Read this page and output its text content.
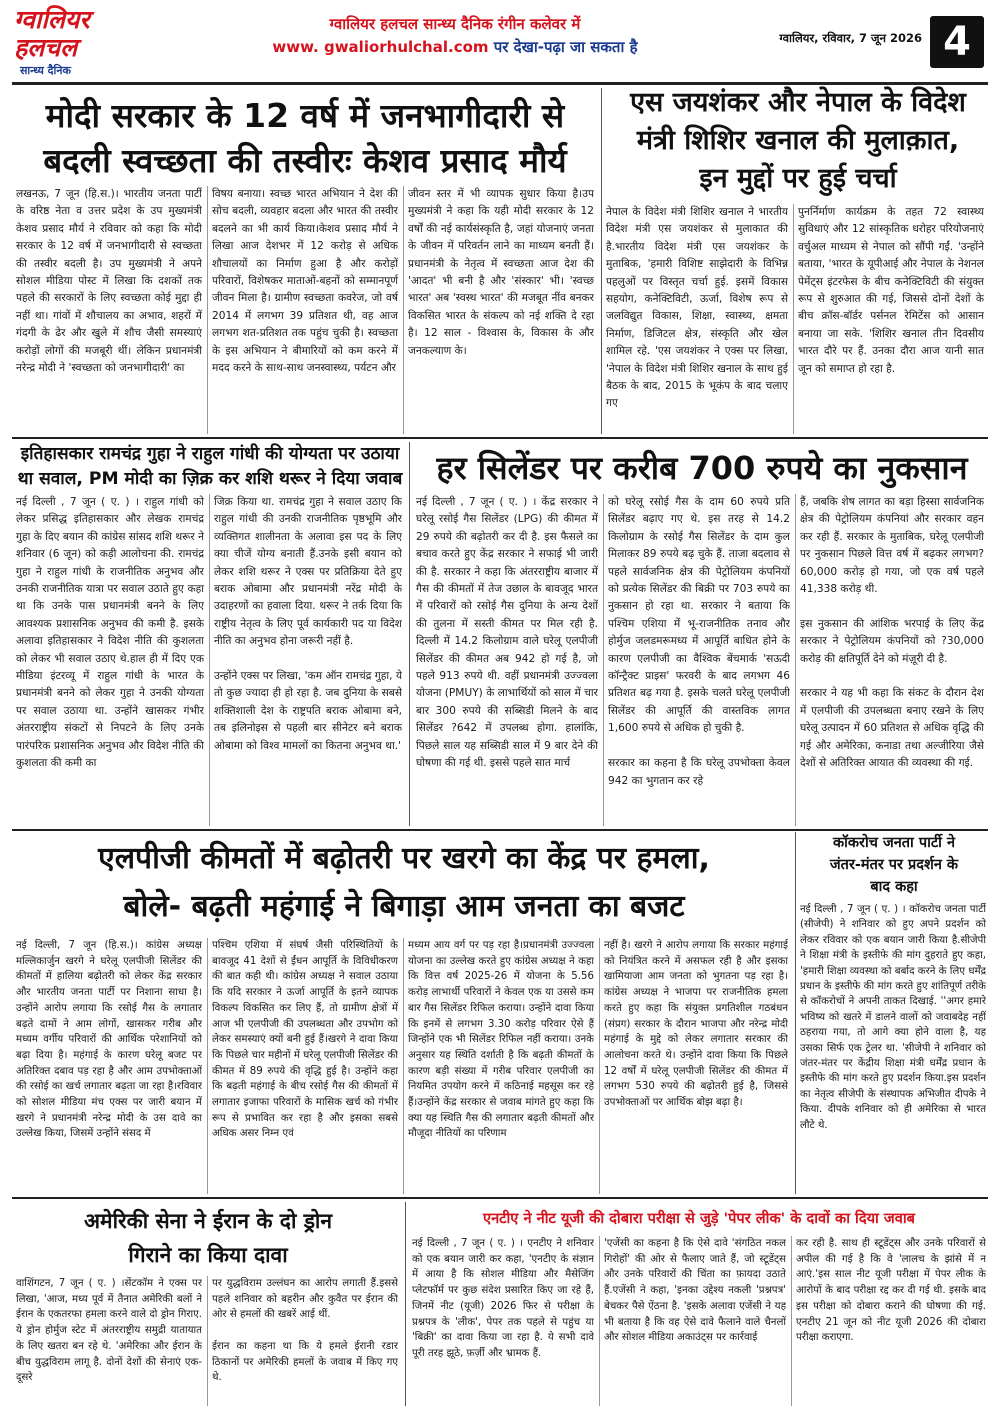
ग्वालियर
हलचल
सान्ध्य दैनिक
ग्वालियर हलचल सान्ध्य दैनिक रंगीन कलेवर में
www. gwaliorhulchal.com पर देखा-पढ़ा जा सकता है	ग्वालियर, रविवार, 7 जून 2026 4
मोदी सरकार के 12 वर्ष में जनभागीदारी से
बदली स्वच्छता की तस्वीरः केशव प्रसाद मौर्य
लखनऊ, 7 जून (हि.स.)। भारतीय जनता पार्टी के वरिष्ठ नेता व उत्तर प्रदेश के उप मुख्यमंत्री केशव प्रसाद मौर्य ने रविवार को कहा कि मोदी सरकार के 12 वर्ष में जनभागीदारी से स्वच्छता की तस्वीर बदली है। उप मुख्यमंत्री ने अपने सोशल मीडिया पोस्ट में लिखा कि दशकों तक पहले की सरकारों के लिए स्वच्छता कोई मुद्दा ही नहीं था। गांवों में शौचालय का अभाव, शहरों में गंदगी के ढेर और खुले में शौच जैसी समस्याएं करोड़ों लोगों की मजबूरी थीं। लेकिन प्रधानमंत्री नरेन्द्र मोदी ने 'स्वच्छता को जनभागीदारी' का
विषय बनाया। स्वच्छ भारत अभियान ने देश की सोच बदली, व्यवहार बदला और भारत की तस्वीर बदलने का भी कार्य किया।केशव प्रसाद मौर्य ने लिखा आज देशभर में 12 करोड़ से अधिक शौचालयों का निर्माण हुआ है और करोड़ों परिवारों, विशेषकर माताओं-बहनों को सम्मानपूर्ण जीवन मिला है। ग्रामीण स्वच्छता कवरेज, जो वर्ष 2014 में लगभग 39 प्रतिशत थी, वह आज लगभग शत-प्रतिशत तक पहुंच चुकी है। स्वच्छता के इस अभियान ने बीमारियों को कम करने में मदद करने के साथ-साथ जनस्वास्थ्य, पर्यटन और
जीवन स्तर में भी व्यापक सुधार किया है।उप मुख्यमंत्री ने कहा कि यही मोदी सरकार के 12 वर्षों की नई कार्यसंस्कृति है, जहां योजनाएं जनता के जीवन में परिवर्तन लाने का माध्यम बनती हैं। प्रधानमंत्री के नेतृत्व में स्वच्छता आज देश की 'आदत' भी बनी है और 'संस्कार' भी। 'स्वच्छ भारत' अब 'स्वस्थ भारत' की मजबूत नींव बनकर विकसित भारत के संकल्प को नई शक्ति दे रहा है। 12 साल - विश्वास के, विकास के और जनकल्याण के।
एस जयशंकर और नेपाल के विदेश
मंत्री शिशिर खनाल की मुलाक़ात,
इन मुद्दों पर हुई चर्चा
नेपाल के विदेश मंत्री शिशिर खनाल ने भारतीय विदेश मंत्री एस जयशंकर से मुलाकात की है.भारतीय विदेश मंत्री एस जयशंकर के मुताबिक, 'हमारी विशिष्ट साझेदारी के विभिन्न पहलुओं पर विस्तृत चर्चा हुई. इसमें विकास सहयोग, कनेक्टिविटी, ऊर्जा, विशेष रूप से जलविद्युत विकास, शिक्षा, स्वास्थ्य, क्षमता निर्माण, डिजिटल क्षेत्र, संस्कृति और खेल शामिल रहे. 'एस जयशंकर ने एक्स पर लिखा, 'नेपाल के विदेश मंत्री शिशिर खनाल के साथ हुई बैठक के बाद, 2015 के भूकंप के बाद चलाए गए
पुनर्निर्माण कार्यक्रम के तहत 72 स्वास्थ्य सुविधाएं और 12 सांस्कृतिक धरोहर परियोजनाएं वर्चुअल माध्यम से नेपाल को सौंपी गईं. 'उन्होंने बताया, 'भारत के यूपीआई और नेपाल के नेशनल पेमेंट्स इंटरफेस के बीच कनेक्टिविटी की संयुक्त रूप से शुरुआत की गई, जिससे दोनों देशों के बीच क्रॉस-बॉर्डर पर्सनल रेमिटेंस को आसान बनाया जा सके. 'शिशिर खनाल तीन दिवसीय भारत दौरे पर हैं. उनका दौरा आज यानी सात जून को समाप्त हो रहा है.
इतिहासकार रामचंद्र गुहा ने राहुल गांधी की योग्यता पर उठाया
था सवाल, PM मोदी का ज़िक्र कर शशि थरूर ने दिया जवाब
नई दिल्ली , 7 जून ( ए. ) । राहुल गांधी को लेकर प्रसिद्ध इतिहासकार और लेखक रामचंद्र गुहा के दिए बयान की कांग्रेस सांसद शशि थरूर ने शनिवार (6 जून) को कड़ी आलोचना की. रामचंद्र गुहा ने राहुल गांधी के राजनीतिक अनुभव और उनकी राजनीतिक यात्रा पर सवाल उठाते हुए कहा था कि उनके पास प्रधानमंत्री बनने के लिए आवश्यक प्रशासनिक अनुभव की कमी है. इसके अलावा इतिहासकार ने विदेश नीति की कुशलता को लेकर भी सवाल उठाए थे.हाल ही में दिए एक मीडिया इंटरव्यू में राहुल गांधी के भारत के प्रधानमंत्री बनने को लेकर गुहा ने उनकी योग्यता पर सवाल उठाया था. उन्होंने खासकर गंभीर अंतरराष्ट्रीय संकटों से निपटने के लिए उनके पारंपरिक प्रशासनिक अनुभव और विदेश नीति की कुशलता की कमी का
जिक्र किया था. रामचंद्र गुहा ने सवाल उठाए कि राहुल गांधी की उनकी राजनीतिक पृष्ठभूमि और व्यक्तिगत शालीनता के अलावा इस पद के लिए क्या चीजें योग्य बनाती हैं.उनके इसी बयान को लेकर शशि थरूर ने एक्स पर प्रतिक्रिया देते हुए बराक ओबामा और प्रधानमंत्री नरेंद्र मोदी के उदाहरणों का हवाला दिया. थरूर ने तर्क दिया कि राष्ट्रीय नेतृत्व के लिए पूर्व कार्यकारी पद या विदेश नीति का अनुभव होना जरूरी नहीं है.

उन्होंने एक्स पर लिखा, 'कम ऑन रामचंद्र गुहा, ये तो कुछ ज्यादा ही हो रहा है. जब दुनिया के सबसे शक्तिशाली देश के राष्ट्रपति बराक ओबामा बने, तब इलिनोइस से पहली बार सीनेटर बने बराक ओबामा को विश्व मामलों का कितना अनुभव था.'
हर सिलेंडर पर करीब 700 रुपये का नुकसान
नई दिल्ली , 7 जून ( ए. ) । केंद्र सरकार ने घरेलू रसोई गैस सिलेंडर (LPG) की कीमत में 29 रुपये की बढ़ोतरी कर दी है. इस फैसले का बचाव करते हुए केंद्र सरकार ने सफाई भी जारी की है. सरकार ने कहा कि अंतरराष्ट्रीय बाजार में गैस की कीमतों में तेज उछाल के बावजूद भारत में परिवारों को रसोई गैस दुनिया के अन्य देशों की तुलना में सस्ती कीमत पर मिल रही है. दिल्ली में 14.2 किलोग्राम वाले घरेलू एलपीजी सिलेंडर की कीमत अब 942 हो गई है, जो पहले 913 रुपये थी. वहीं प्रधानमंत्री उज्ज्वला योजना (PMUY) के लाभार्थियों को साल में चार बार 300 रुपये की सब्सिडी मिलने के बाद सिलेंडर ?642 में उपलब्ध होगा. हालांकि, पिछले साल यह सब्सिडी साल में 9 बार देने की घोषणा की गई थी. इससे पहले सात मार्च
को घरेलू रसोई गैस के दाम 60 रुपये प्रति सिलेंडर बढ़ाए गए थे. इस तरह से 14.2 किलोग्राम के रसोई गैस सिलेंडर के दाम कुल मिलाकर 89 रुपये बढ़ चुके हैं. ताजा बदलाव से पहले सार्वजनिक क्षेत्र की पेट्रोलियम कंपनियों को प्रत्येक सिलेंडर की बिक्री पर 703 रुपये का नुकसान हो रहा था. सरकार ने बताया कि पश्चिम एशिया में भू-राजनीतिक तनाव और होर्मुज जलडमरूमध्य में आपूर्ति बाधित होने के कारण एलपीजी का वैश्विक बेंचमार्क 'सऊदी कॉन्ट्रैक्ट प्राइस' फरवरी के बाद लगभग 46 प्रतिशत बढ़ गया है. इसके चलते घरेलू एलपीजी सिलेंडर की आपूर्ति की वास्तविक लागत 1,600 रुपये से अधिक हो चुकी है.

सरकार का कहना है कि घरेलू उपभोक्ता केवल 942 का भुगतान कर रहे
हैं, जबकि शेष लागत का बड़ा हिस्सा सार्वजनिक क्षेत्र की पेट्रोलियम कंपनियां और सरकार वहन कर रही हैं. सरकार के मुताबिक, घरेलू एलपीजी पर नुकसान पिछले वित्त वर्ष में बढ़कर लगभग?60,000 करोड़ हो गया, जो एक वर्ष पहले 41,338 करोड़ थी.

इस नुकसान की आंशिक भरपाई के लिए केंद्र सरकार ने पेट्रोलियम कंपनियों को ?30,000 करोड़ की क्षतिपूर्ति देने को मंज़ूरी दी है.

सरकार ने यह भी कहा कि संकट के दौरान देश में एलपीजी की उपलब्धता बनाए रखने के लिए घरेलू उत्पादन में 60 प्रतिशत से अधिक वृद्धि की गई और अमेरिका, कनाडा तथा अल्जीरिया जैसे देशों से अतिरिक्त आयात की व्यवस्था की गई.
एलपीजी कीमतों में बढ़ोतरी पर खरगे का केंद्र पर हमला,
बोले- बढ़ती महंगाई ने बिगाड़ा आम जनता का बजट
नई दिल्ली, 7 जून (हि.स.)। कांग्रेस अध्यक्ष मल्लिकार्जुन खरगे ने घरेलू एलपीजी सिलेंडर की कीमतों में हालिया बढ़ोतरी को लेकर केंद्र सरकार और भारतीय जनता पार्टी पर निशाना साधा है। उन्होंने आरोप लगाया कि रसोई गैस के लगातार बढ़ते दामों ने आम लोगों, खासकर गरीब और मध्यम वर्गीय परिवारों की आर्थिक परेशानियों को बढ़ा दिया है। महंगाई के कारण घरेलू बजट पर अतिरिक्त दबाव पड़ रहा है और आम उपभोक्ताओं की रसोई का खर्च लगातार बढ़ता जा रहा है।रविवार को सोशल मीडिया मंच एक्स पर जारी बयान में खरगे ने प्रधानमंत्री नरेन्द्र मोदी के उस दावे का उल्लेख किया, जिसमें उन्होंने संसद में
पश्चिम एशिया में संघर्ष जैसी परिस्थितियों के बावजूद 41 देशों से ईंधन आपूर्ति के विविधीकरण की बात कही थी। कांग्रेस अध्यक्ष ने सवाल उठाया कि यदि सरकार ने ऊर्जा आपूर्ति के इतने व्यापक विकल्प विकसित कर लिए हैं, तो ग्रामीण क्षेत्रों में आज भी एलपीजी की उपलब्धता और उपभोग को लेकर समस्याएं क्यों बनी हुई हैं।खरगे ने दावा किया कि पिछले चार महीनों में घरेलू एलपीजी सिलेंडर की कीमत में 89 रुपये की वृद्धि हुई है। उन्होंने कहा कि बढ़ती महंगाई के बीच रसोई गैस की कीमतों में लगातार इजाफा परिवारों के मासिक खर्च को गंभीर रूप से प्रभावित कर रहा है और इसका सबसे अधिक असर निम्न एवं
मध्यम आय वर्ग पर पड़ रहा है।प्रधानमंत्री उज्ज्वला योजना का उल्लेख करते हुए कांग्रेस अध्यक्ष ने कहा कि वित्त वर्ष 2025-26 में योजना के 5.56 करोड़ लाभार्थी परिवारों ने केवल एक या उससे कम बार गैस सिलेंडर रिफिल कराया। उन्होंने दावा किया कि इनमें से लगभग 3.30 करोड़ परिवार ऐसे हैं जिन्होंने एक भी सिलेंडर रिफिल नहीं कराया। उनके अनुसार यह स्थिति दर्शाती है कि बढ़ती कीमतों के कारण बड़ी संख्या में गरीब परिवार एलपीजी का नियमित उपयोग करने में कठिनाई महसूस कर रहे हैं।उन्होंने केंद्र सरकार से जवाब मांगते हुए कहा कि क्या यह स्थिति गैस की लगातार बढ़ती कीमतों और मौजूदा नीतियों का परिणाम
नहीं है। खरगे ने आरोप लगाया कि सरकार महंगाई को नियंत्रित करने में असफल रही है और इसका खामियाजा आम जनता को भुगतना पड़ रहा है।कांग्रेस अध्यक्ष ने भाजपा पर राजनीतिक हमला करते हुए कहा कि संयुक्त प्रगतिशील गठबंधन (संप्रग) सरकार के दौरान भाजपा और नरेन्द्र मोदी महंगाई के मुद्दे को लेकर लगातार सरकार की आलोचना करते थे। उन्होंने दावा किया कि पिछले 12 वर्षों में घरेलू एलपीजी सिलेंडर की कीमत में लगभग 530 रुपये की बढ़ोतरी हुई है, जिससे उपभोक्ताओं पर आर्थिक बोझ बढ़ा है।
कॉकरोच जनता पार्टी ने
जंतर-मंतर पर प्रदर्शन के
बाद कहा
नई दिल्ली , 7 जून ( ए. ) । कॉकरोच जनता पार्टी (सीजेपी) ने शनिवार को हुए अपने प्रदर्शन को लेकर रविवार को एक बयान जारी किया है.सीजेपी ने शिक्षा मंत्री के इस्तीफे की मांग दुहराते हुए कहा, 'हमारी शिक्षा व्यवस्था को बर्बाद करने के लिए धर्मेंद्र प्रधान के इस्तीफे की मांग करते हुए शांतिपूर्ण तरीके से कॉकरोचों ने अपनी ताकत दिखाई. ''अगर हमारे भविष्य को खतरे में डालने वालों को जवाबदेह नहीं ठहराया गया, तो आगे क्या होने वाला है, यह उसका सिर्फ एक ट्रेलर था. 'सीजेपी ने शनिवार को जंतर-मंतर पर केंद्रीय शिक्षा मंत्री धर्मेंद्र प्रधान के इस्तीफे की मांग करते हुए प्रदर्शन किया.इस प्रदर्शन का नेतृत्व सीजेपी के संस्थापक अभिजीत दीपके ने किया. दीपके शनिवार को ही अमेरिका से भारत लौटे थे.
अमेरिकी सेना ने ईरान के दो ड्रोन
गिराने का किया दावा
वाशिंगटन, 7 जून ( ए. ) ।सेंटकॉम ने एक्स पर लिखा, 'आज, मध्य पूर्व में तैनात अमेरिकी बलों ने ईरान के एकतरफा हमला करने वाले दो ड्रोन गिराए. ये ड्रोन होर्मुज स्टेट में अंतरराष्ट्रीय समुद्री यातायात के लिए खतरा बन रहे थे. 'अमेरिका और ईरान के बीच युद्धविराम लागू है. दोनों देशों की सेनाएं एक-दूसरे
पर युद्धविराम उल्लंघन का आरोप लगाती हैं.इससे पहले शनिवार को बहरीन और कुवैत पर ईरान की ओर से हमलों की खबरें आई थीं.

ईरान का कहना था कि ये हमले ईरानी रडार ठिकानों पर अमेरिकी हमलों के जवाब में किए गए थे.
एनटीए ने नीट यूजी की दोबारा परीक्षा से जुड़े 'पेपर लीक' के दावों का दिया जवाब
नई दिल्ली , 7 जून ( ए. ) । एनटीए ने शनिवार को एक बयान जारी कर कहा, 'एनटीए के संज्ञान में आया है कि सोशल मीडिया और मैसेजिंग प्लेटफॉर्म पर कुछ संदेश प्रसारित किए जा रहे हैं, जिनमें नीट (यूजी) 2026 फिर से परीक्षा के प्रश्नपत्र के 'लीक', पेपर तक पहले से पहुंच या 'बिक्री' का दावा किया जा रहा है. ये सभी दावे पूरी तरह झूठे, फ़र्ज़ी और भ्रामक हैं.
'एजेंसी का कहना है कि ऐसे दावे 'संगठित नकल गिरोहों' की ओर से फैलाए जाते हैं, जो स्टूडेंट्स और उनके परिवारों की चिंता का फ़ायदा उठाते हैं.एजेंसी ने कहा, 'इनका उद्देश्य नकली 'प्रश्नपत्र' बेचकर पैसे ऐंठना है. 'इसके अलावा एजेंसी ने यह भी बताया है कि वह ऐसे दावे फैलाने वाले चैनलों और सोशल मीडिया अकाउंट्स पर कार्रवाई
कर रही है. साथ ही स्टूडेंट्स और उनके परिवारों से अपील की गई है कि वे 'लालच के झांसे में न आएं.'इस साल नीट यूजी परीक्षा में पेपर लीक के आरोपों के बाद परीक्षा रद्द कर दी गई थी. इसके बाद इस परीक्षा को दोबारा कराने की घोषणा की गई. एनटीए 21 जून को नीट यूजी 2026 की दोबारा परीक्षा कराएगा.
